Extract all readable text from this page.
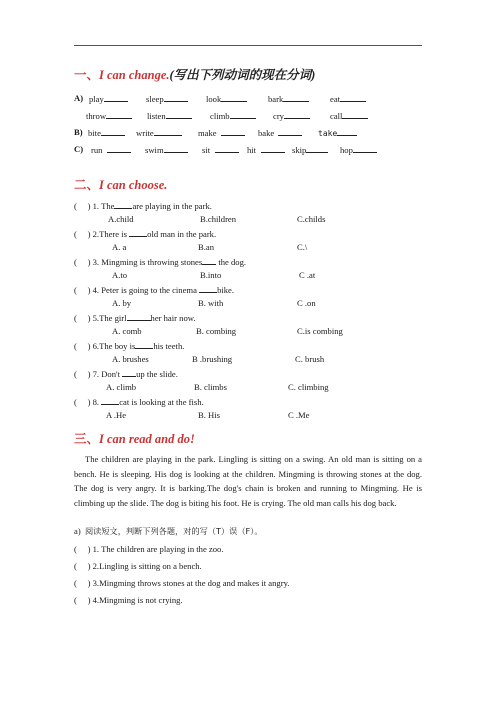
一、I can change.(写出下列动词的现在分词)
A) play	sleep	look	bark	eat
throw	listen	climb	cry	call
B) bite	write	make	bake	take
C) run	swim	sit	hit	skip	hop
二、I can choose.
(     ) 1. The are playing in the park.
A.child	B.children	C.childs
(     ) 2.There is old man in the park.
A. a	B.an	C.\
(     ) 3. Mingming is throwing stones the dog.
A.to	B.into	C .at
(     ) 4. Peter is going to the cinema bike.
A. by	B. with	C .on
(     ) 5.The girl	her hair now.
A. comb	B. combing	C.is combing
(     ) 6.The boy is his teeth.
A. brushes	B .brushing	C. brush
(     ) 7. Don't up the slide.
A. climb	B. climbs	C. climbing
(     ) 8. cat is looking at the fish.
A .He	B. His	C .Me
三、I can read and do!
The children are playing in the park. Lingling is sitting on a swing. An old man is sitting on a bench. He is sleeping. His dog is looking at the children. Mingming is throwing stones at the dog. The dog is very angry. It is barking.The dog's chain is broken and running to Mingming. He is climbing up the slide. The dog is biting his foot. He is crying. The old man calls his dog back.
a) 阅读短文，判断下列各题，对的写（T）误（F）。
(     ) 1. The children are playing in the zoo.
(     ) 2.Lingling is sitting on a bench.
(     ) 3.Mingming throws stones at the dog and makes it angry.
(     ) 4.Mingming is not crying.
